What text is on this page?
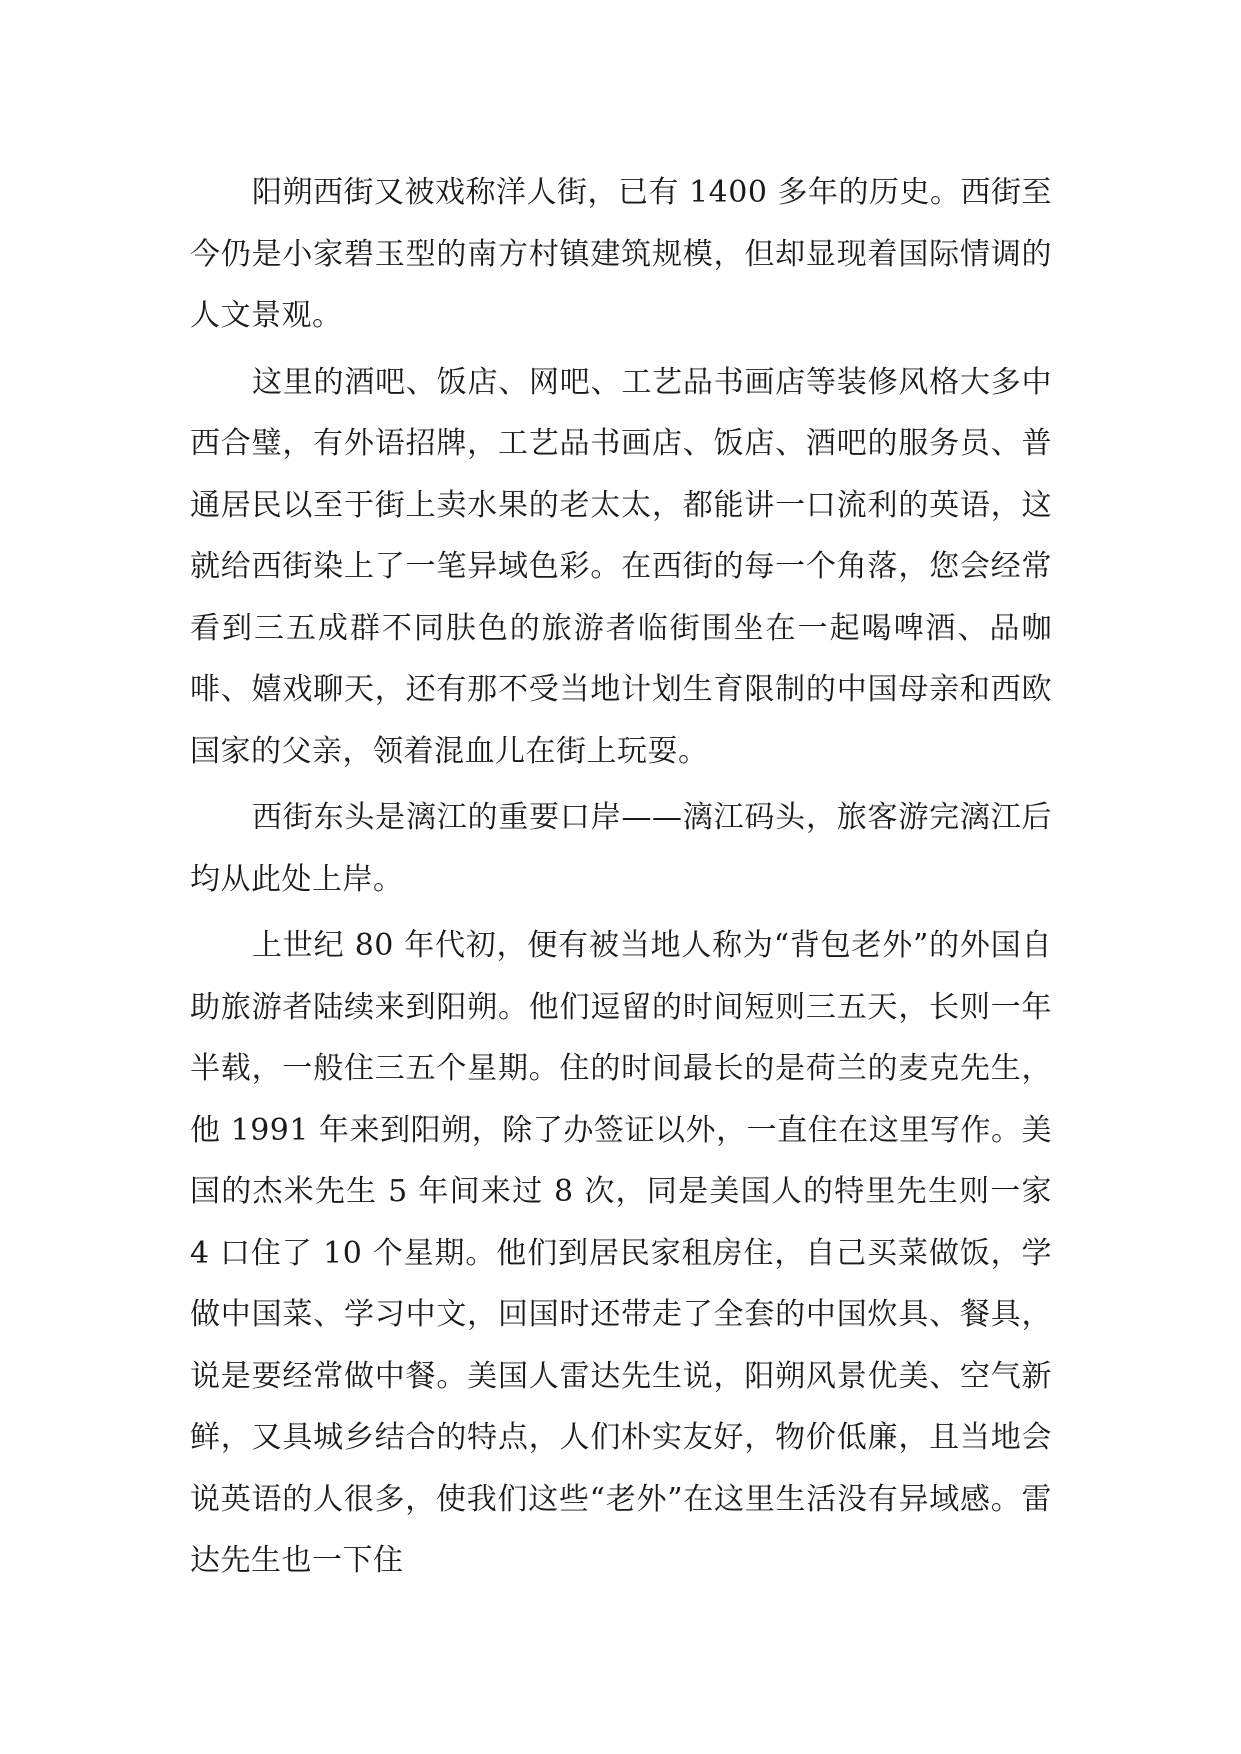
阳朔西街又被戏称洋人街，已有 1400 多年的历史。西街至今仍是小家碧玉型的南方村镇建筑规模，但却显现着国际情调的人文景观。

这里的酒吧、饭店、网吧、工艺品书画店等装修风格大多中西合璧，有外语招牌，工艺品书画店、饭店、酒吧的服务员、普通居民以至于街上卖水果的老太太，都能讲一口流利的英语，这就给西街染上了一笔异域色彩。在西街的每一个角落，您会经常看到三五成群不同肤色的旅游者临街围坐在一起喝啤酒、品咖啡、嬉戏聊天，还有那不受当地计划生育限制的中国母亲和西欧国家的父亲，领着混血儿在街上玩耍。

西街东头是漓江的重要口岸——漓江码头，旅客游完漓江后均从此处上岸。

上世纪 80 年代初，便有被当地人称为“背包老外”的外国自助旅游者陆续来到阳朔。他们逗留的时间短则三五天，长则一年半载，一般住三五个星期。住的时间最长的是荷兰的麦克先生，他 1991 年来到阳朔，除了办签证以外，一直住在这里写作。美国的杰米先生 5 年间来过 8 次，同是美国人的特里先生则一家 4 口住了 10 个星期。他们到居民家租房住，自己买菜做饭，学做中国菜、学习中文，回国时还带走了全套的中国炊具、餐具，说是要经常做中餐。美国人雷达先生说，阳朔风景优美、空气新鲜，又具城乡结合的特点，人们朴实友好，物价低廉，且当地会说英语的人很多，使我们这些“老外”在这里生活没有异域感。雷达先生也一下住
